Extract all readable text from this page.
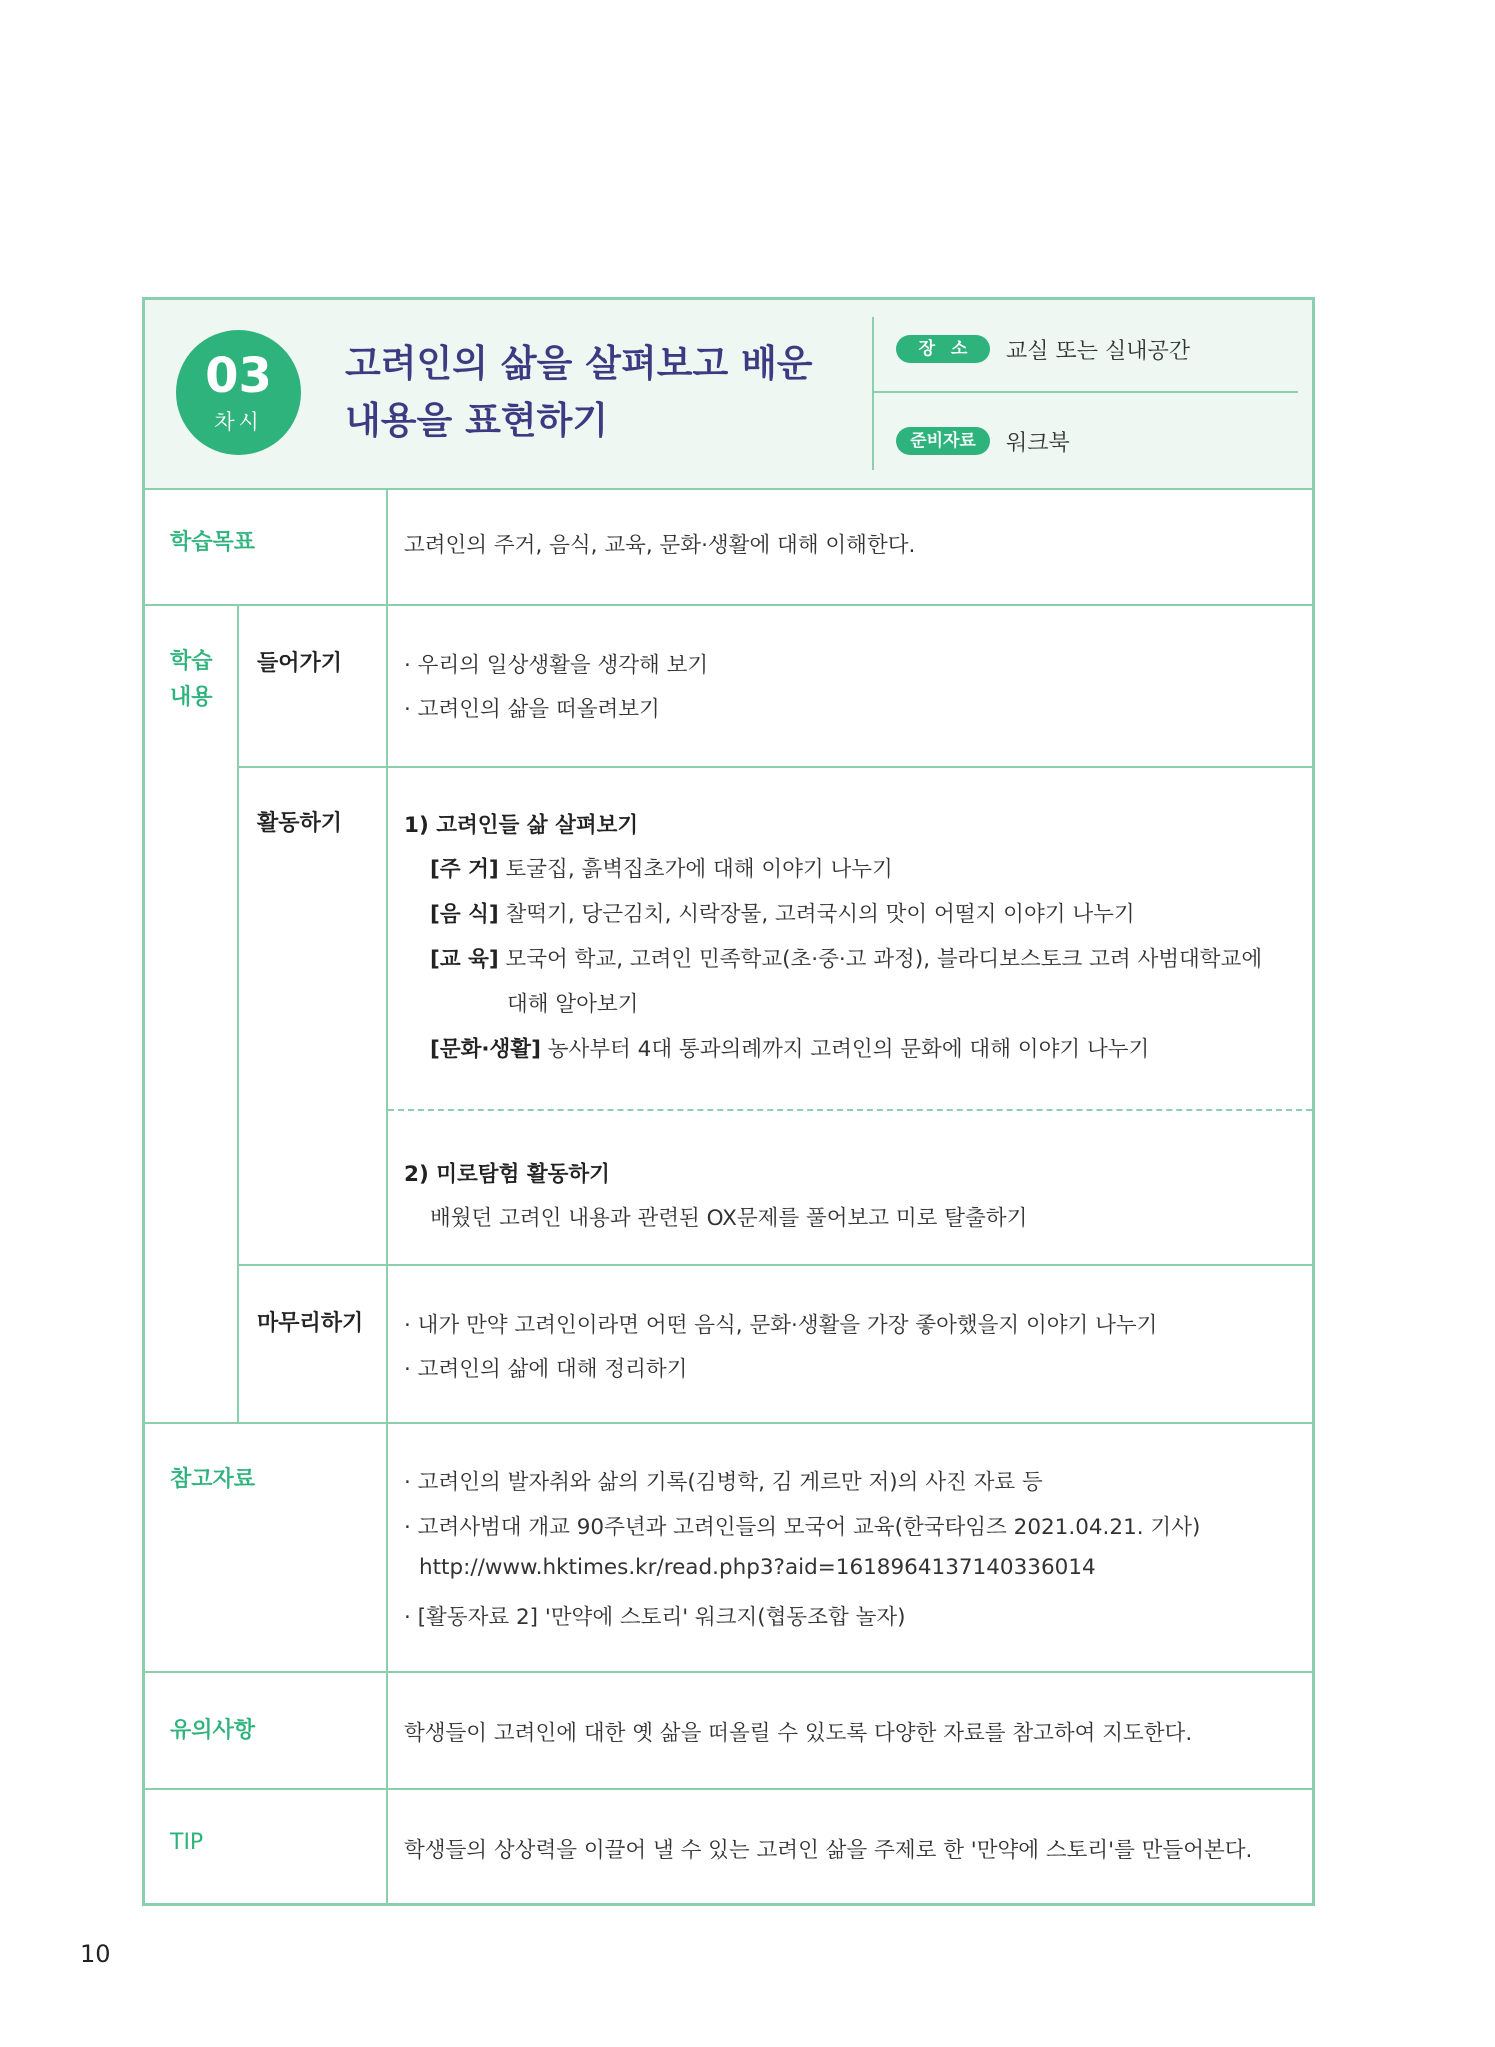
03
차시
고려인의 삶을 살펴보고 배운
내용을 표현하기
장소 교실 또는 실내공간
준비자료	워크북
학습목표	고려인의 주거, 음식, 교육, 문화·생활에 대해 이해한다.
학습
내용
들어가기	· 우리의 일상생활을 생각해 보기
· 고려인의 삶을 떠올려보기
활동하기	1) 고려인들 삶 살펴보기
[주 거] 토굴집, 흙벽집초가에 대해 이야기 나누기
[음 식] 찰떡기, 당근김치, 시락장물, 고려국시의 맛이 어떨지 이야기 나누기
[교 육] 모국어 학교, 고려인 민족학교(초·중·고 과정), 블라디보스토크 고려 사범대학교에
대해 알아보기
[문화·생활] 농사부터 4대 통과의례까지 고려인의 문화에 대해 이야기 나누기
2) 미로탐험 활동하기
배웠던 고려인 내용과 관련된 OX문제를 풀어보고 미로 탈출하기
마무리하기 · 내가 만약 고려인이라면 어떤 음식, 문화·생활을 가장 좋아했을지 이야기 나누기
· 고려인의 삶에 대해 정리하기
참고자료	· 고려인의 발자취와 삶의 기록(김병학, 김 게르만 저)의 사진 자료 등
· 고려사범대 개교 90주년과 고려인들의 모국어 교육(한국타임즈 2021.04.21. 기사)
http://www.hktimes.kr/read.php3?aid=1618964137140336014
· [활동자료 2] '만약에 스토리' 워크지(협동조합 놀자)
유의사항	학생들이 고려인에 대한 옛 삶을 떠올릴 수 있도록 다양한 자료를 참고하여 지도한다.
TIP	학생들의 상상력을 이끌어 낼 수 있는 고려인 삶을 주제로 한 '만약에 스토리'를 만들어본다.
10
